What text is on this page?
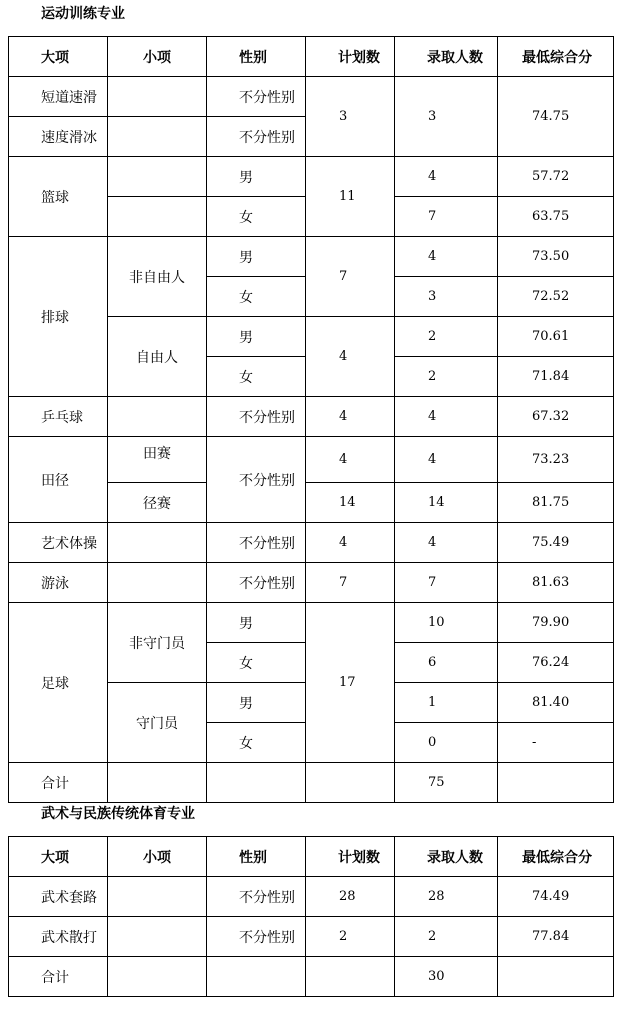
运动训练专业
大项	小项	性别	计划数	录取人数	最低综合分
短道速滑		不分性别	3	3	74.75
速度滑冰		不分性别			
篮球		男	11	4	57.72
		女		7	63.75
排球	非自由人	男	7	4	73.50
		女		3	72.52
	自由人	男	4	2	70.61
		女		2	71.84
乒乓球		不分性别	4	4	67.32
田径	田赛	不分性别	4	4	73.23
	径赛		14	14	81.75
艺术体操		不分性别	4	4	75.49
游泳		不分性别	7	7	81.63
足球	非守门员	男	17	10	79.90
		女		6	76.24
	守门员	男		1	81.40
		女		0	-
合计				75	
武术与民族传统体育专业
大项	小项	性别	计划数	录取人数	最低综合分
武术套路		不分性别	28	28	74.49
武术散打		不分性别	2	2	77.84
合计				30	
